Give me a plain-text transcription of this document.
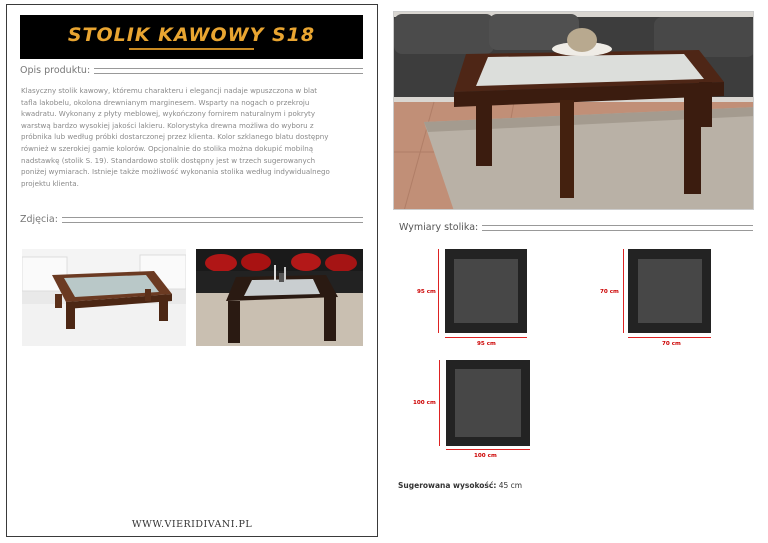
STOLIK KAWOWY S18
Opis produktu:

Klasyczny stolik kawowy, któremu charakteru i elegancji nadaje wpuszczona w blat
tafla lakobelu, okolona drewnianym marginesem. Wsparty na nogach o przekroju
kwadratu. Wykonany z płyty meblowej, wykończony fornirem naturalnym i pokryty
warstwą bardzo wysokiej jakości lakieru. Kolorystyka drewna możliwa do wyboru z
próbnika lub według próbki dostarczonej przez klienta. Kolor szklanego blatu dostępny
również w szerokiej gamie kolorów. Opcjonalnie do stolika można dokupić mobilną
nadstawkę (stolik S. 19). Standardowo stolik dostępny jest w trzech sugerowanych
poniżej wymiarach. Istnieje także możliwość wykonania stolika według indywidualnego
projektu klienta.

Zdjęcia:
WWW.VIERIDIVANI.PL
Wymiary stolika:
95 cm
95 cm
70 cm
70 cm
100 cm
100 cm
Sugerowana wysokość: 45 cm
